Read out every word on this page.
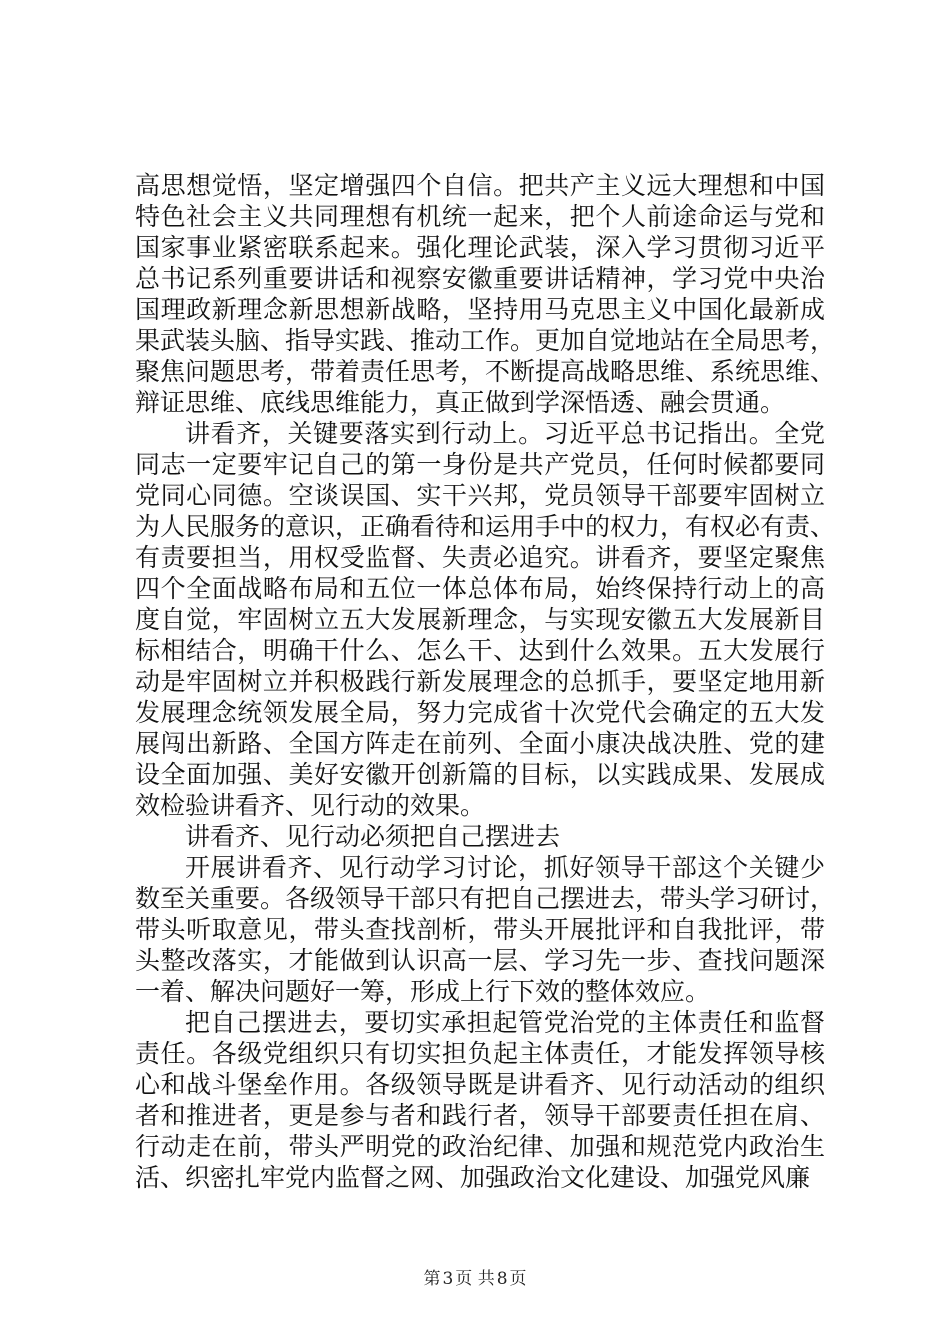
高思想觉悟，坚定增强四个自信。把共产主义远大理想和中国
特色社会主义共同理想有机统一起来，把个人前途命运与党和
国家事业紧密联系起来。强化理论武装，深入学习贯彻习近平
总书记系列重要讲话和视察安徽重要讲话精神，学习党中央治
国理政新理念新思想新战略，坚持用马克思主义中国化最新成
果武装头脑、指导实践、推动工作。更加自觉地站在全局思考，
聚焦问题思考，带着责任思考，不断提高战略思维、系统思维、
辩证思维、底线思维能力，真正做到学深悟透、融会贯通。
讲看齐，关键要落实到行动上。习近平总书记指出。全党
同志一定要牢记自己的第一身份是共产党员，任何时候都要同
党同心同德。空谈误国、实干兴邦，党员领导干部要牢固树立
为人民服务的意识，正确看待和运用手中的权力，有权必有责、
有责要担当，用权受监督、失责必追究。讲看齐，要坚定聚焦
四个全面战略布局和五位一体总体布局，始终保持行动上的高
度自觉，牢固树立五大发展新理念，与实现安徽五大发展新目
标相结合，明确干什么、怎么干、达到什么效果。五大发展行
动是牢固树立并积极践行新发展理念的总抓手，要坚定地用新
发展理念统领发展全局，努力完成省十次党代会确定的五大发
展闯出新路、全国方阵走在前列、全面小康决战决胜、党的建
设全面加强、美好安徽开创新篇的目标，以实践成果、发展成
效检验讲看齐、见行动的效果。
讲看齐、见行动必须把自己摆进去
开展讲看齐、见行动学习讨论，抓好领导干部这个关键少
数至关重要。各级领导干部只有把自己摆进去，带头学习研讨，
带头听取意见，带头查找剖析，带头开展批评和自我批评，带
头整改落实，才能做到认识高一层、学习先一步、查找问题深
一着、解决问题好一筹，形成上行下效的整体效应。
把自己摆进去，要切实承担起管党治党的主体责任和监督
责任。各级党组织只有切实担负起主体责任，才能发挥领导核
心和战斗堡垒作用。各级领导既是讲看齐、见行动活动的组织
者和推进者，更是参与者和践行者，领导干部要责任担在肩、
行动走在前，带头严明党的政治纪律、加强和规范党内政治生
活、织密扎牢党内监督之网、加强政治文化建设、加强党风廉
第 3 页 共 8 页
